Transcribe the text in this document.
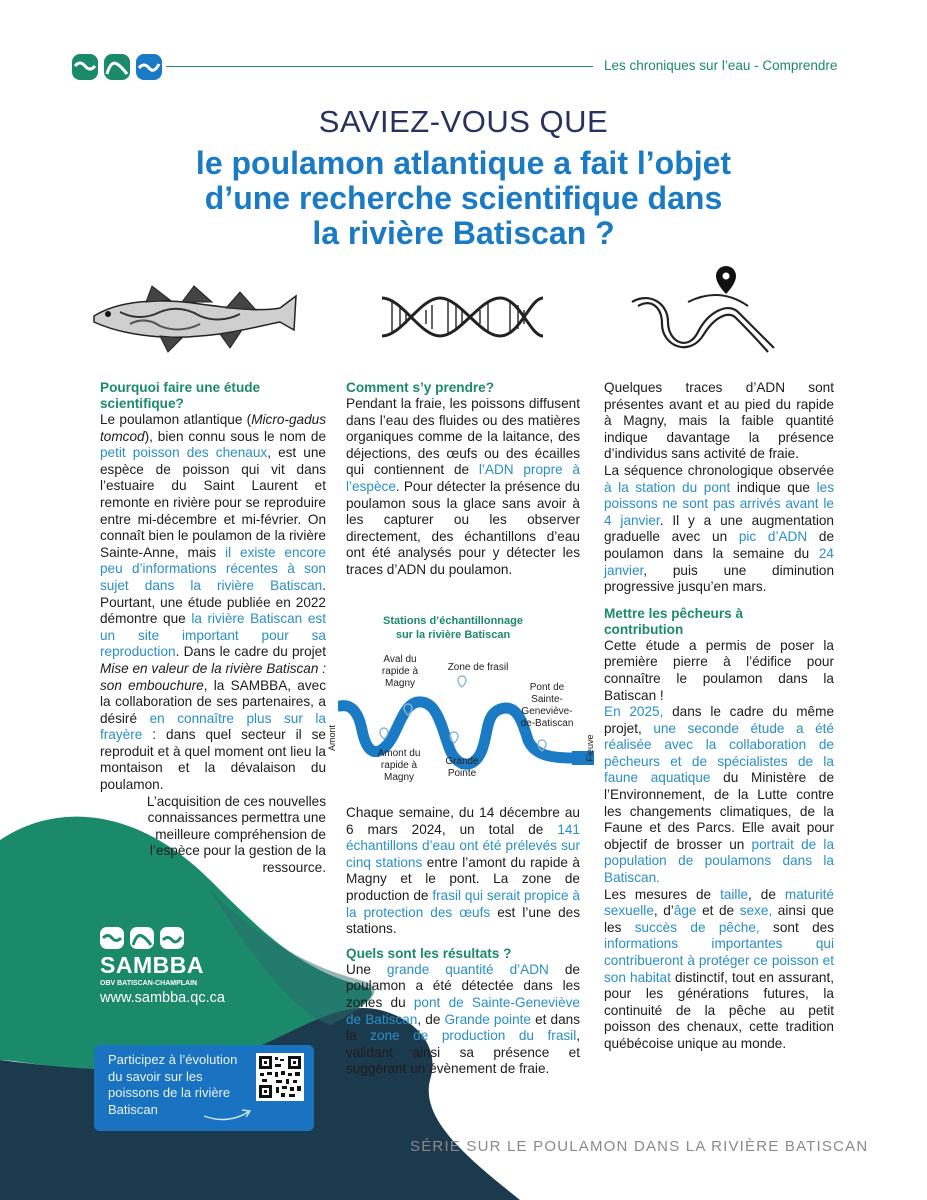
Les chroniques sur l’eau - Comprendre
SAVIEZ-VOUS QUE
le poulamon atlantique a fait l’objet
d’une recherche scientifique dans
la rivière Batiscan ?
Pourquoi faire une étude
scientifique?

Le poulamon atlantique (Micro-gadus tomcod), bien connu sous le nom de petit poisson des chenaux, est une espèce de poisson qui vit dans l’estuaire du Saint Laurent et remonte en rivière pour se reproduire entre mi-décembre et mi-février. On connaît bien le poulamon de la rivière Sainte-Anne, mais il existe encore peu d’informations récentes à son sujet dans la rivière Batiscan. Pourtant, une étude publiée en 2022 démontre que la rivière Batiscan est un site important pour sa reproduction. Dans le cadre du projet Mise en valeur de la rivière Batiscan : son embouchure, la SAMBBA, avec la collaboration de ses partenaires, a désiré en connaître plus sur la frayère : dans quel secteur il se reproduit et à quel moment ont lieu la montaison et la dévalaison du poulamon.

L’acquisition de ces nouvelles connaissances permettra une meilleure compréhension de l’espèce pour la gestion de la ressource.

Comment s’y prendre?

Pendant la fraie, les poissons diffusent dans l’eau des fluides ou des matières organiques comme de la laitance, des déjections, des œufs ou des écailles qui contiennent de l’ADN propre à l’espèce. Pour détecter la présence du poulamon sous la glace sans avoir à les capturer ou les observer directement, des échantillons d’eau ont été analysés pour y détecter les traces d’ADN du poulamon.

Stations d’échantillonnage
sur la rivière Batiscan
Aval du
rapide à
Magny
Zone de frasil
Pont de
Sainte-
Geneviève-
de-Batiscan
Amont du
rapide à
Magny
Grande
Pointe
Amont	Fleuve

Chaque semaine, du 14 décembre au 6 mars 2024, un total de 141 échantillons d’eau ont été prélevés sur cinq stations entre l’amont du rapide à Magny et le pont. La zone de production de frasil qui serait propice à la protection des œufs est l’une des stations.

Quels sont les résultats ?

Une grande quantité d’ADN de poulamon a été détectée dans les zones du pont de Sainte-Geneviève de Batiscan, de Grande pointe et dans la zone de production du frasil, validant ainsi sa présence et suggérant un évènement de fraie.

Quelques traces d’ADN sont présentes avant et au pied du rapide à Magny, mais la faible quantité indique davantage la présence d’individus sans activité de fraie.

La séquence chronologique observée à la station du pont indique que les poissons ne sont pas arrivés avant le 4 janvier. Il y a une augmentation graduelle avec un pic d’ADN de poulamon dans la semaine du 24 janvier, puis une diminution progressive jusqu’en mars.

Mettre les pêcheurs à
contribution

Cette étude a permis de poser la première pierre à l’édifice pour connaître le poulamon dans la Batiscan !

En 2025, dans le cadre du même projet, une seconde étude a été réalisée avec la collaboration de pêcheurs et de spécialistes de la faune aquatique du Ministère de l’Environnement, de la Lutte contre les changements climatiques, de la Faune et des Parcs. Elle avait pour objectif de brosser un portrait de la population de poulamons dans la Batiscan.

Les mesures de taille, de maturité sexuelle, d’âge et de sexe, ainsi que les succès de pêche, sont des informations importantes qui contribueront à protéger ce poisson et son habitat distinctif, tout en assurant, pour les générations futures, la continuité de la pêche au petit poisson des chenaux, cette tradition québécoise unique au monde.

SAMBBA
OBV BATISCAN-CHAMPLAIN
www.sambba.qc.ca
Participez à l’évolution du savoir sur les poissons de la rivière Batiscan
SÉRIE SUR LE POULAMON DANS LA RIVIÈRE BATISCAN
